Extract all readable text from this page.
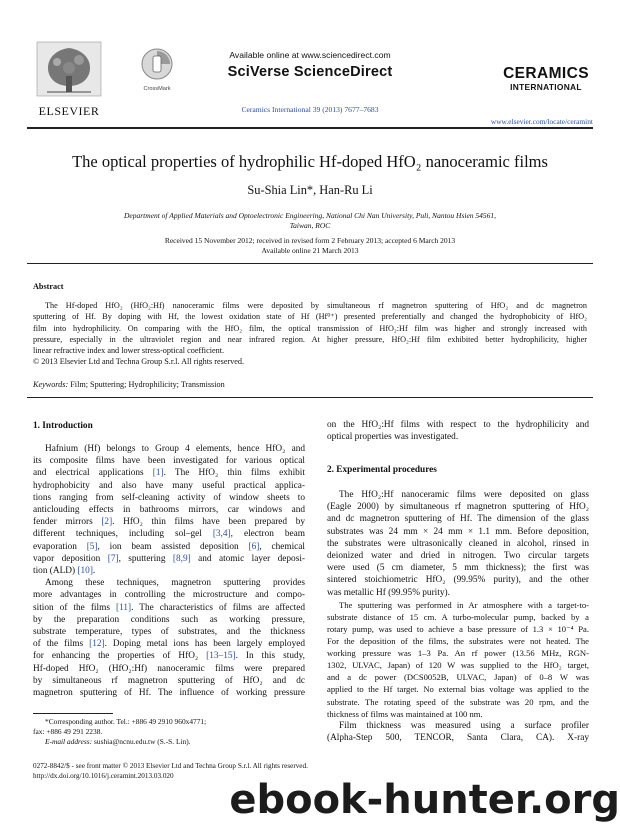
ELSEVIER
CrossMark
Available online at www.sciencedirect.com
SciVerse ScienceDirect
Ceramics International 39 (2013) 7677–7683
CERAMICS
INTERNATIONAL
www.elsevier.com/locate/ceramint
The optical properties of hydrophilic Hf-doped HfO₂ nanoceramic films
Su-Shia Lin*, Han-Ru Li
Department of Applied Materials and Optoelectronic Engineering, National Chi Nan University, Puli, Nantou Hsien 54561,
Taiwan, ROC
Received 15 November 2012; received in revised form 2 February 2013; accepted 6 March 2013
Available online 21 March 2013
Abstract
The Hf-doped HfO₂ (HfO₂:Hf) nanoceramic films were deposited by simultaneous rf magnetron sputtering of HfO₂ and dc magnetron
sputtering of Hf. By doping with Hf, the lowest oxidation state of Hf (Hf⁰⁺) presented preferentially and changed the hydrophobicity of HfO₂
film into hydrophilicity. On comparing with the HfO₂ film, the optical transmission of HfO₂:Hf film was higher and strongly increased with
pressure, especially in the ultraviolet region and near infrared region. At higher pressure, HfO₂:Hf film exhibited better hydrophilicity, higher
linear refractive index and lower stress-optical coefficient.
© 2013 Elsevier Ltd and Techna Group S.r.l. All rights reserved.
Keywords: Film; Sputtering; Hydrophilicity; Transmission
1. Introduction
Hafnium (Hf) belongs to Group 4 elements, hence HfO₂ and
its composite films have been investigated for various optical
and electrical applications [1]. The HfO₂ thin films exhibit
hydrophobicity and also have many useful practical applica-
tions ranging from self-cleaning activity of window sheets to
anticlouding effects in bathrooms mirrors, car windows and
fender mirrors [2]. HfO₂ thin films have been prepared by
different techniques, including sol–gel [3,4], electron beam
evaporation [5], ion beam assisted deposition [6], chemical
vapor deposition [7], sputtering [8,9] and atomic layer deposi-
tion (ALD) [10].
Among these techniques, magnetron sputtering provides
more advantages in controlling the microstructure and compo-
sition of the films [11]. The characteristics of films are affected
by the preparation conditions such as working pressure,
substrate temperature, types of substrates, and the thickness
of the films [12]. Doping metal ions has been largely employed
for enhancing the properties of HfO₂ [13–15]. In this study,
Hf-doped HfO₂ (HfO₂:Hf) nanoceramic films were prepared
by simultaneous rf magnetron sputtering of HfO₂ and dc
magnetron sputtering of Hf. The influence of working pressure
*Corresponding author. Tel.: +886 49 2910 960x4771;
fax: +886 49 291 2238.
E-mail address: sushia@ncnu.edu.tw (S.-S. Lin).
on the HfO₂:Hf films with respect to the hydrophilicity and
optical properties was investigated.
2. Experimental procedures
The HfO₂:Hf nanoceramic films were deposited on glass
(Eagle 2000) by simultaneous rf magnetron sputtering of HfO₂
and dc magnetron sputtering of Hf. The dimension of the glass
substrates was 24 mm × 24 mm × 1.1 mm. Before deposition,
the substrates were ultrasonically cleaned in alcohol, rinsed in
deionized water and dried in nitrogen. Two circular targets
were used (5 cm diameter, 5 mm thickness); the first was
sintered stoichiometric HfO₂ (99.95% purity), and the other
was metallic Hf (99.95% purity).
The sputtering was performed in Ar atmosphere with a target-to-
substrate distance of 15 cm. A turbo-molecular pump, backed by a
rotary pump, was used to achieve a base pressure of 1.3 × 10⁻⁴ Pa.
For the deposition of the films, the substrates were not heated. The
working pressure was 1–3 Pa. An rf power (13.56 MHz, RGN-
1302, ULVAC, Japan) of 120 W was supplied to the HfO₂ target,
and a dc power (DCS0052B, ULVAC, Japan) of 0–8 W was
applied to the Hf target. No external bias voltage was applied to the
substrate. The rotating speed of the substrate was 20 rpm, and the
thickness of films was maintained at 100 nm.
Film thickness was measured using a surface profiler
(Alpha-Step 500, TENCOR, Santa Clara, CA). X-ray
0272-8842/$ - see front matter © 2013 Elsevier Ltd and Techna Group S.r.l. All rights reserved.
http://dx.doi.org/10.1016/j.ceramint.2013.03.020
ebook-hunter.org
